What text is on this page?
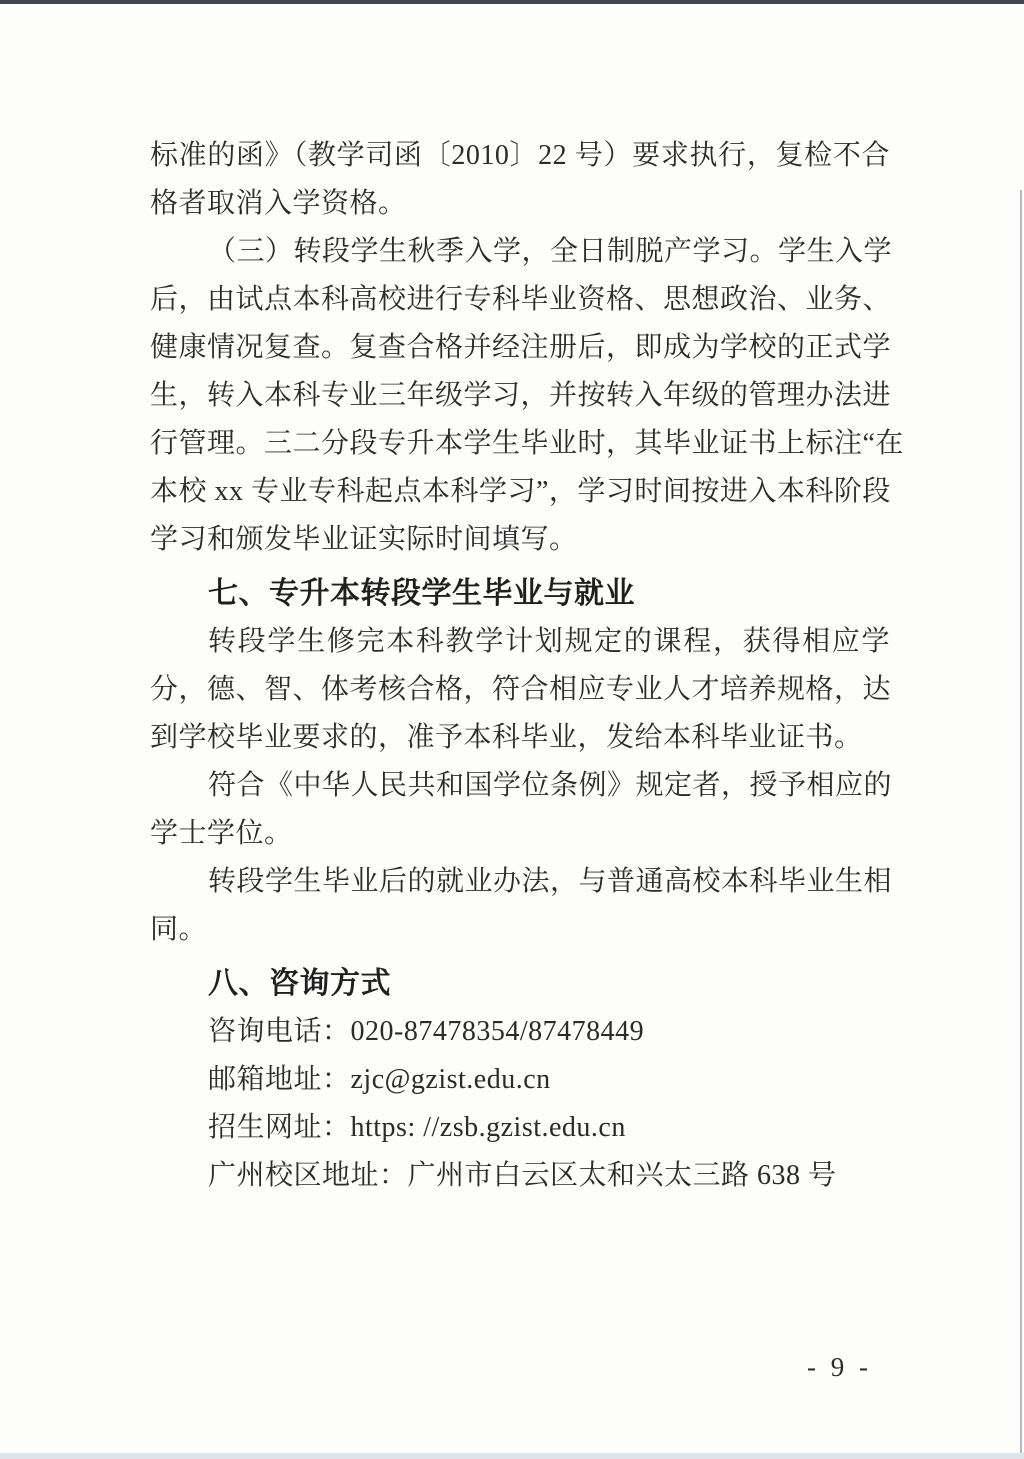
标准的函》（教学司函〔2010〕22 号）要求执行，复检不合
格者取消入学资格。
（三）转段学生秋季入学，全日制脱产学习。学生入学
后，由试点本科高校进行专科毕业资格、思想政治、业务、
健康情况复查。复查合格并经注册后，即成为学校的正式学
生，转入本科专业三年级学习，并按转入年级的管理办法进
行管理。三二分段专升本学生毕业时，其毕业证书上标注“在
本校 xx 专业专科起点本科学习”，学习时间按进入本科阶段
学习和颁发毕业证实际时间填写。
七、专升本转段学生毕业与就业
转段学生修完本科教学计划规定的课程，获得相应学
分，德、智、体考核合格，符合相应专业人才培养规格，达
到学校毕业要求的，准予本科毕业，发给本科毕业证书。
符合《中华人民共和国学位条例》规定者，授予相应的
学士学位。
转段学生毕业后的就业办法，与普通高校本科毕业生相
同。
八、咨询方式
咨询电话：020-87478354/87478449
邮箱地址：zjc@gzist.edu.cn
招生网址：https: //zsb.gzist.edu.cn
广州校区地址：广州市白云区太和兴太三路 638 号
- 9 -
